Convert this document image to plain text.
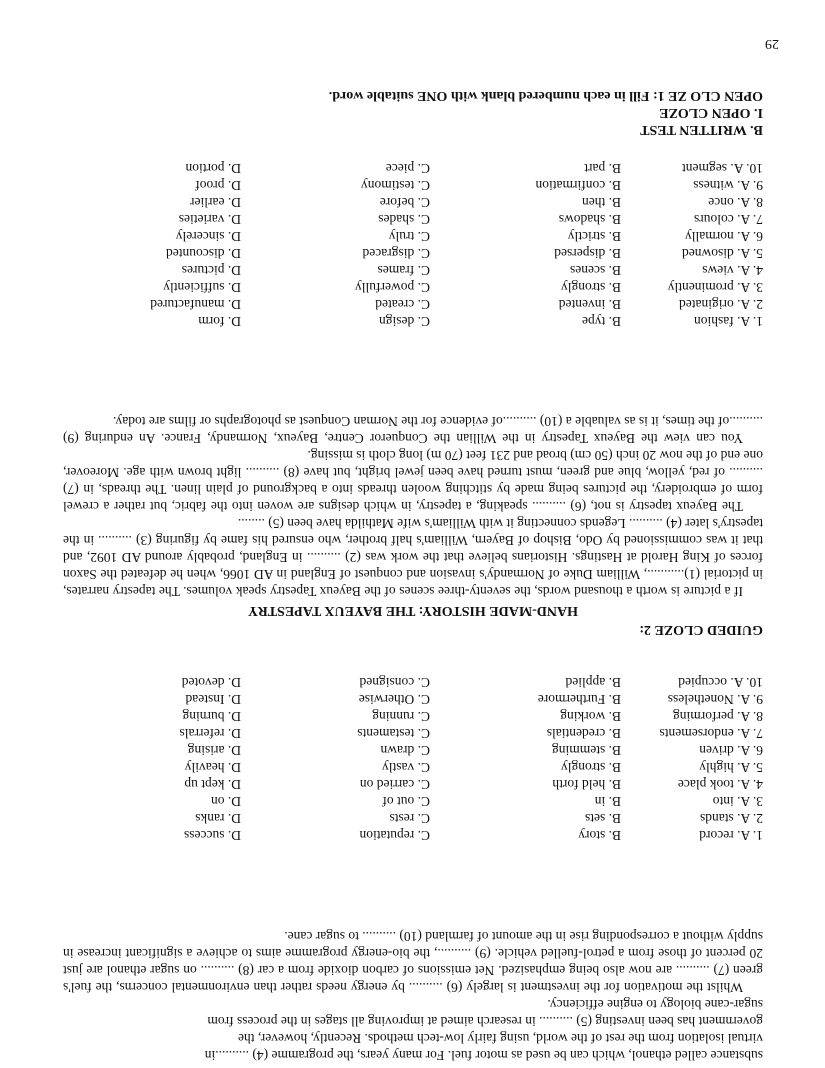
substance called ethanol, which can be used as motor fuel. For many years, the programme (4) ..........in

virtual isolation from the rest of the world, using fairly low-tech methods. Recently, however, the

government has been investing (5) .......... in research aimed at improving all stages in the process from

sugar-cane biology to engine efficiency.

Whilst the motivation for the investment is largely (6) .......... by energy needs rather than environmental concerns, the fuel's green (7) .......... are now also being emphasized. Net emissions of carbon dioxide from a car (8) .......... on sugar ethanol are just 20 percent of those from a petrol-fuelled vehicle. (9) .........., the bio-energy programme aims to achieve a significant increase in supply without a corresponding rise in the amount of farmland (10) .......... to sugar cane.

1. A. record	B. story	C. reputation	D. success
2. A. stands	B. sets	C. rests	D. ranks
3. A. into	B. in	C. out of	D. on
4. A. took place	B. held forth	C. carried on	D. kept up
5. A. highly	B. strongly	C. vastly	D. heavily
6. A. driven	B. stemming	C. drawn	D. arising
7. A. endorsements	B. credentials	C. testaments	D. referrals
8. A. performing	B. working	C. running	D. burning
9. A. Nonetheless	B. Furthermore	C. Otherwise	D. Instead
10. A. occupied	B. applied	C. consigned	D. devoted
GUIDED CLOZE 2:
HAND-MADE HISTORY: THE BAYEUX TAPESTRY

If a picture is worth a thousand words, the seventy-three scenes of the Bayeux Tapestry speak volumes. The tapestry narrates, in pictorial (1)..........., William Duke of Normandy's invasion and conquest of England in AD 1066, when he defeated the Saxon forces of King Harold at Hastings. Historians believe that the work was (2) .......... in England, probably around AD 1092, and that it was commissioned by Odo, Bishop of Bayern, William's half brother, who ensured his fame by figuring (3) .......... in the tapestry's later (4) .......... Legends connecting it with William's wife Mathilda have been (5) ........

The Bayeux tapestry is not, (6) .......... speaking, a tapestry, in which designs are woven into the fabric, but rather a crewel form of embroidery, the pictures being made by stitching woolen threads into a background of plain linen. The threads, in (7) .......... of red, yellow, blue and green, must turned have been jewel bright, but have (8) .......... light brown with age. Moreover, one end of the now 20 inch (50 cm) broad and 231 feet (70 m) long cloth is missing.

You can view the Bayeux Tapestry in the Willian the Conqueror Centre, Bayeux, Normandy, France. An enduring (9) ..........of the times, it is as valuable a (10) ..........of evidence for the Norman Conquest as photographs or films are today.

1. A. fashion	B. type	C. design	D. form
2. A. originated	B. invented	C. created	D. manufactured
3. A. prominently	B. strongly	C. powerfully	D. sufficiently
4. A. views	B. scenes	C. frames	D. pictures
5. A. disowned	B. dispersed	C. disgraced	D. discounted
6. A. normally	B. strictly	C. truly	D. sincerely
7. A. colours	B. shadows	C. shades	D. varieties
8. A. once	B. then	C. before	D. earlier
9. A. witness	B. confirmation	C. testimony	D. proof
10. A. segment	B. part	C. piece	D. portion
B. WRITTEN TEST
I. OPEN CLOZE
OPEN CLO ZE 1: Fill in each numbered blank with ONE suitable word.
29
